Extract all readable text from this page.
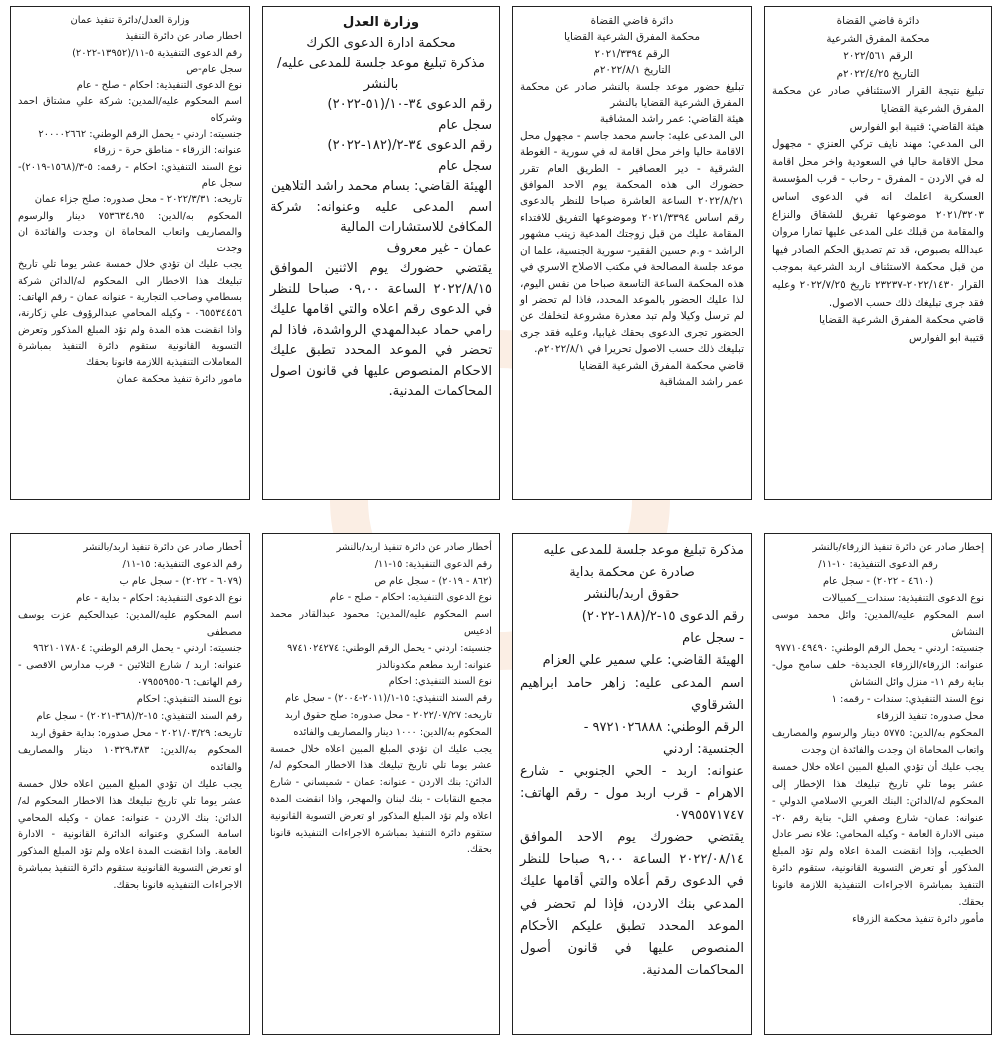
دائرة قاضي القضاة

محكمة المفرق الشرعية

الرقم ٢٠٢٢/٥٦١

التاريخ ٢٠٢٢/٤/٢٥م

تبليغ نتيجة القرار الاستئنافي صادر عن محكمة المفرق الشرعية القضايا

هيئة القاضي: قتيبة ابو الفوارس

الى المدعي: مهند نايف تركي العنزي - مجهول محل الاقامة حاليا في السعودية واخر محل اقامة له في الاردن - المفرق - رحاب - قرب المؤسسة العسكرية اعلمك انه في الدعوى اساس ٢٠٢١/٣٢٠٣ موضوعها تفريق للشقاق والنزاع والمقامة من قبلك على المدعى عليها تمارا مروان عبدالله بصبوص، قد تم تصديق الحكم الصادر فيها من قبل محكمة الاستئناف اربد الشرعية بموجب القرار ٢٠٢٢/١٤٣٠-٢٣٢٣٧ تاريخ ٢٠٢٢/٧/٢٥ وعليه فقد جرى تبليغك ذلك حسب الاصول.

قاضي محكمة المفرق الشرعية القضايا

قتيبة ابو الفوارس

دائرة قاضي القضاة

محكمة المفرق الشرعية القضايا

الرقم ٢٠٢١/٣٣٩٤

التاريخ ٢٠٢٢/٨/١م

تبليغ حضور موعد جلسة بالنشر صادر عن محكمة المفرق الشرعية القضايا بالنشر

هيئة القاضي: عمر راشد المشاقبة

الى المدعى عليه: جاسم محمد جاسم - مجهول محل الاقامة حاليا واخر محل اقامة له في سورية - الغوطة الشرقية - دير العصافير - الطريق العام تقرر حضورك الى هذه المحكمة يوم الاحد الموافق ٢٠٢٢/٨/٢١ الساعة العاشرة صباحا للنظر بالدعوى رقم اساس ٢٠٢١/٣٣٩٤ وموضوعها التفريق للافتداء المقامة عليك من قبل زوجتك المدعية زينب مشهور الراشد - و.م حسين الفقير- سورية الجنسية، علما ان موعد جلسة المصالحة في مكتب الاصلاح الاسري في هذه المحكمة الساعة التاسعة صباحا من نفس اليوم، لذا عليك الحضور بالموعد المحدد، فاذا لم تحضر او لم ترسل وكيلا ولم تبد معذرة مشروعة لتخلفك عن الحضور تجرى الدعوى بحقك غيابيا، وعليه فقد جرى تبليغك ذلك حسب الاصول تحريرا في ٢٠٢٢/٨/١م.

قاضي محكمة المفرق الشرعية القضايا

عمر راشد المشاقبة

وزارة العدل

محكمة ادارة الدعوى الكرك

مذكرة تبليغ موعد جلسة للمدعى عليه/ بالنشر

رقم الدعوى ٣٤-١٠/(٥١-٢٠٢٢)

سجل عام

رقم الدعوى ٣٤-٢/(١٨٢-٢٠٢٢)

سجل عام

الهيئة القاضي: بسام محمد راشد التلاهين

اسم المدعى عليه وعنوانه: شركة المكافئ للاستشارات المالية

عمان - غير معروف

يقتضي حضورك يوم الاثنين الموافق ٢٠٢٢/٨/١٥ الساعة ٠٩،٠٠ صباحا للنظر في الدعوى رقم اعلاه والتي اقامها عليك رامي حماد عبدالمهدي الرواشدة، فاذا لم تحضر في الموعد المحدد تطبق عليك الاحكام المنصوص عليها في قانون اصول المحاكمات المدنية.

وزارة العدل/دائرة تنفيذ عمان

اخطار صادر عن دائرة التنفيذ

رقم الدعوى التنفيذية ٥-١١/(١٣٩٥٢-٢٠٢٢)

سجل عام-ص

نوع الدعوى التنفيذية: احكام - صلح - عام

اسم المحكوم عليه/المدين: شركة علي مشتاق احمد وشركاه

جنسيته: اردني - يحمل الرقم الوطني: ٢٠٠٠٠٢٦٦٢

عنوانه: الزرقاء - مناطق حرة - زرقاء

نوع السند التنفيذي: احكام - رقمه: ٥-٣/(١٥٦٨-٢٠١٩)-سجل عام

تاريخه: ٢٠٢٢/٣/٣١ - محل صدوره: صلح جزاء عمان

المحكوم به/الدين: ٧٥٣٦٣٤،٩٥ دينار والرسوم والمصاريف واتعاب المحاماة ان وجدت والفائدة ان وجدت

يجب عليك ان تؤدي خلال خمسة عشر يوما تلي تاريخ تبليغك هذا الاخطار الى المحكوم له/الدائن شركة بسطامي وصاحب التجارية - عنوانه عمان - رقم الهاتف: ٠٦٥٥٣٤٤٥٦ - وكيله المحامي عبدالرؤوف علي زكارنة، واذا انقضت هذه المدة ولم تؤد المبلغ المذكور وتعرض التسوية القانونية ستقوم دائرة التنفيذ بمباشرة المعاملات التنفيذية اللازمة قانونا بحقك

مامور دائرة تنفيذ محكمة عمان

إخطار صادر عن دائرة تنفيذ الزرقاء/بالنشر

رقم الدعوى التنفيذية: ١٠-١١/

(٤٦١٠ - ٢٠٢٢) - سجل عام

نوع الدعوى التنفيذية: سندات__كمبيالات

اسم المحكوم عليه/المدين: وائل محمد موسى النشاش

جنسيته: اردني - يحمل الرقم الوطني: ٩٧٧١٠٤٩٤٩٠

عنوانه: الزرقاء/الزرقاء الجديدة- خلف سامح مول- بناية رقم ١١- منزل وائل النشاش

نوع السند التنفيذي: سندات - رقمه: ١

محل صدوره: تنفيذ الزرقاء

المحكوم به/الدين: ٥٧٧٥ دينار والرسوم والمصاريف واتعاب المحاماة ان وجدت والفائدة ان وجدت

يجب عليك أن تؤدي المبلغ المبين اعلاه خلال خمسة عشر يوما تلي تاريخ تبليغك هذا الإخطار إلى المحكوم له/الدائن: البنك العربي الاسلامي الدولي - عنوانه: عمان- شارع وصفي التل- بناية رقم ٢٠- مبنى الادارة العامة - وكيله المحامي: علاء نصر عادل الخطيب، وإذا انقضت المدة اعلاه ولم تؤد المبلغ المذكور أو تعرض التسوية القانونية، ستقوم دائرة التنفيذ بمباشرة الاجراءات التنفيذية اللازمة قانونا بحقك.

مأمور دائرة تنفيذ محكمة الزرقاء

مذكرة تبليغ موعد جلسة للمدعى عليه

صادرة عن محكمة بداية

حقوق اربد/بالنشر

رقم الدعوى ١٥-٢/(١٨٨-٢٠٢٢)

- سجل عام

الهيئة القاضي: علي سمير علي العزام

اسم المدعى عليه: زاهر حامد ابراهيم الشرقاوي

الرقم الوطني: ٩٧٢١٠٢٦٨٨٨ -

الجنسية: اردني

عنوانه: اربد - الحي الجنوبي - شارع الاهرام - قرب اربد مول - رقم الهاتف: ٠٧٩٥٥٧١٧٤٧

يقتضي حضورك يوم الاحد الموافق ٢٠٢٢/٠٨/١٤ الساعة ٩،٠٠ صباحا للنظر في الدعوى رقم أعلاه والتي أقامها عليك المدعي بنك الاردن، فإذا لم تحضر في الموعد المحدد تطبق عليكم الأحكام المنصوص عليها في قانون أصول المحاكمات المدنية.

أخطار صادر عن دائرة تنفيذ اربد/بالنشر

رقم الدعوى التنفيذية: ١٥-١١/

(٨٦٢ - ٢٠١٩) - سجل عام ص

نوع الدعوى التنفيذيه: احكام - صلح - عام

اسم المحكوم عليه/المدين: محمود عبدالقادر محمد ادعيس

جنسيته: اردني - يحمل الرقم الوطني: ٩٧٤١٠٢٤٢٧٤

عنوانه: اربد مطعم مكدونالدز

نوع السند التنفيذي: احكام

رقم السند التنفيذي: ١٥-١/(٢٠١١-٢٠٠٤) - سجل عام

تاريخه: ٢٠٢٢/٠٧/٢٧ - محل صدوره: صلح حقوق اربد

المحكوم به/الدين: ١٠٠٠ دينار والمصاريف والفائده

يجب عليك ان تؤدي المبلغ المبين اعلاه خلال خمسة عشر يوما تلي تاريخ تبليغك هذا الاخطار المحكوم له/الدائن: بنك الاردن - عنوانه: عمان - شميساني - شارع مجمع النقابات - بنك لبنان والمهجر، واذا انقضت المدة اعلاه ولم تؤد المبلغ المذكور او تعرض التسوية القانونية ستقوم دائرة التنفيذ بمباشرة الاجراءات التنفيذيه قانونا بحقك.

أخطار صادر عن دائرة تنفيذ اربد/بالنشر

رقم الدعوى التنفيذية: ١٥-١١/

(٦٠٧٩ - ٢٠٢٢) - سجل عام ب

نوع الدعوى التنفيذية: احكام - بداية - عام

اسم المحكوم عليه/المدين: عبدالحكيم عزت يوسف مصطفى

جنسيته: اردني - يحمل الرقم الوطني: ٩٦٢١٠١٧٨٠٤

عنوانه: اربد / شارع الثلاثين - قرب مدارس الاقصى - رقم الهاتف: ٠٧٩٥٥٩٥٥٠٦

نوع السند التنفيذي: احكام

رقم السند التنفيذي: ١٥-٢/(٣٦٨-٢٠٢١) - سجل عام

تاريخه: ٢٠٢١/٠٣/٢٩ - محل صدوره: بداية حقوق اربد

المحكوم به/الدين: ١٠٣٢٩،٣٨٣ دينار والمصاريف والفائده

يجب عليك ان تؤدي المبلغ المبين اعلاه خلال خمسة عشر يوما تلي تاريخ تبليغك هذا الاخطار المحكوم له/الدائن: بنك الاردن - عنوانه: عمان - وكيله المحامي اسامة السكري وعنوانه الدائرة القانونية - الادارة العامة. واذا انقضت المدة اعلاه ولم تؤد المبلغ المذكور او تعرض التسوية القانونية ستقوم دائرة التنفيذ بمباشرة الاجراءات التنفيذيه قانونا بحقك.
